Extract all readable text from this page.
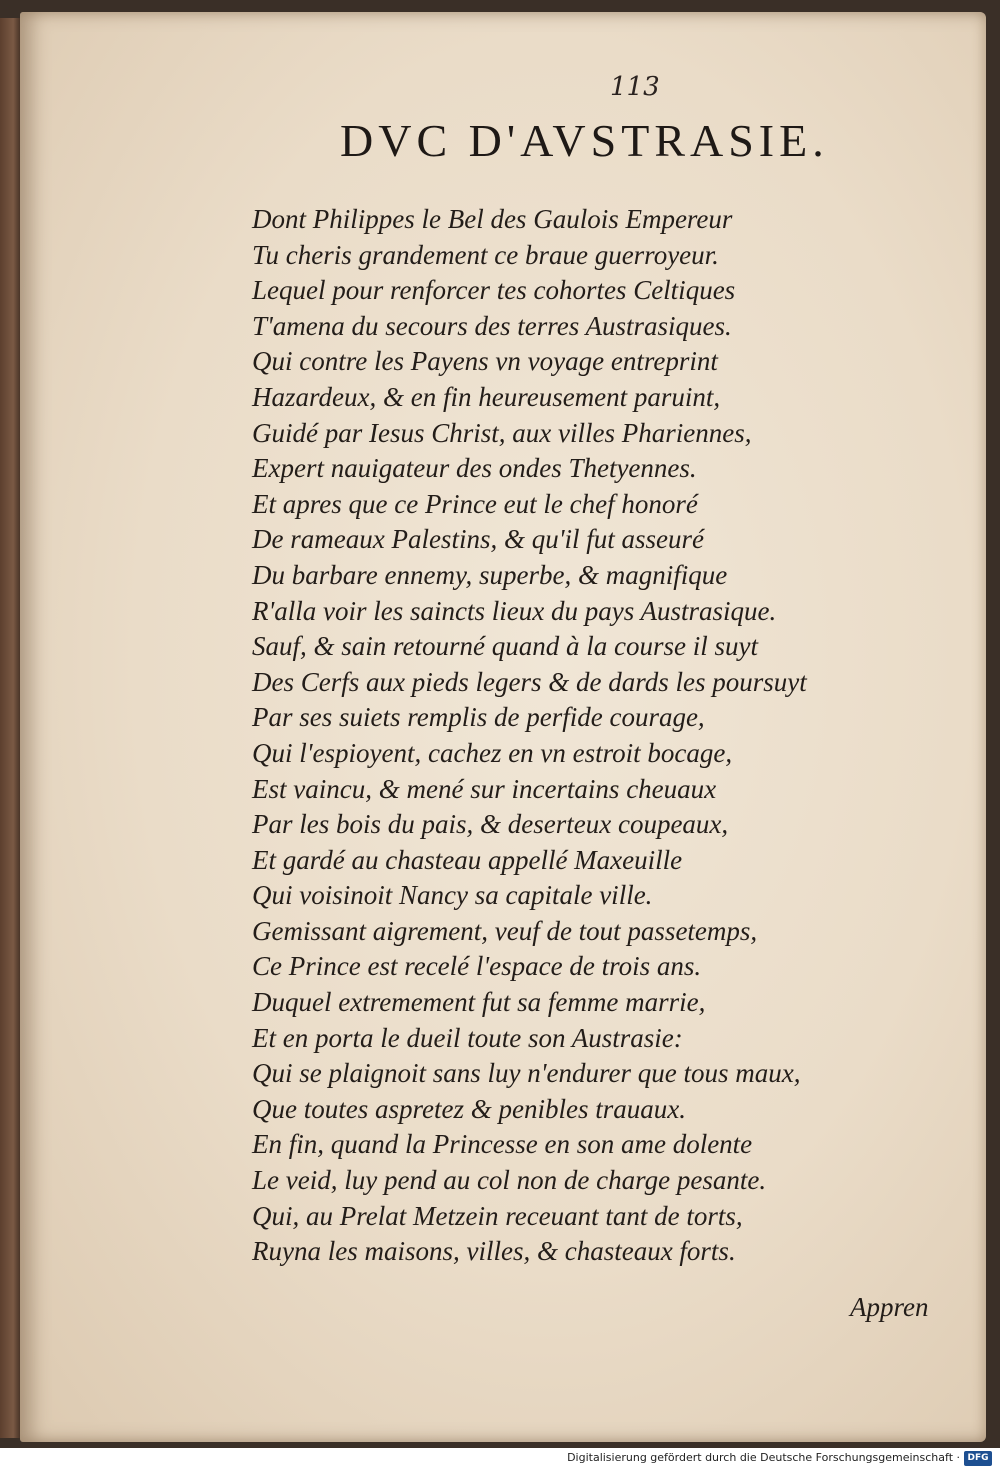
113
DVC D'AVSTRASIE.
Dont Philippes le Bel des Gaulois Empereur
Tu cheris grandement ce braue guerroyeur.
Lequel pour renforcer tes cohortes Celtiques
T'amena du secours des terres Austrasiques.
Qui contre les Payens vn voyage entreprint
Hazardeux, & en fin heureusement paruint,
Guidé par Iesus Christ, aux villes Phariennes,
Expert nauigateur des ondes Thetyennes.
Et apres que ce Prince eut le chef honoré
De rameaux Palestins, & qu'il fut asseuré
Du barbare ennemy, superbe, & magnifique
R'alla voir les saincts lieux du pays Austrasique.
Sauf, & sain retourné quand à la course il suyt
Des Cerfs aux pieds legers & de dards les poursuyt
Par ses suiets remplis de perfide courage,
Qui l'espioyent, cachez en vn estroit bocage,
Est vaincu, & mené sur incertains cheuaux
Par les bois du pais, & deserteux coupeaux,
Et gardé au chasteau appellé Maxeuille
Qui voisinoit Nancy sa capitale ville.
Gemissant aigrement, veuf de tout passetemps,
Ce Prince est recelé l'espace de trois ans.
Duquel extremement fut sa femme marrie,
Et en porta le dueil toute son Austrasie:
Qui se plaignoit sans luy n'endurer que tous maux,
Que toutes aspretez & penibles trauaux.
En fin, quand la Princesse en son ame dolente
Le veid, luy pend au col non de charge pesante.
Qui, au Prelat Metzein receuant tant de torts,
Ruyna les maisons, villes, & chasteaux forts.
Appren
Digitalisierung gefördert durch die Deutsche Forschungsgemeinschaft · DFG
